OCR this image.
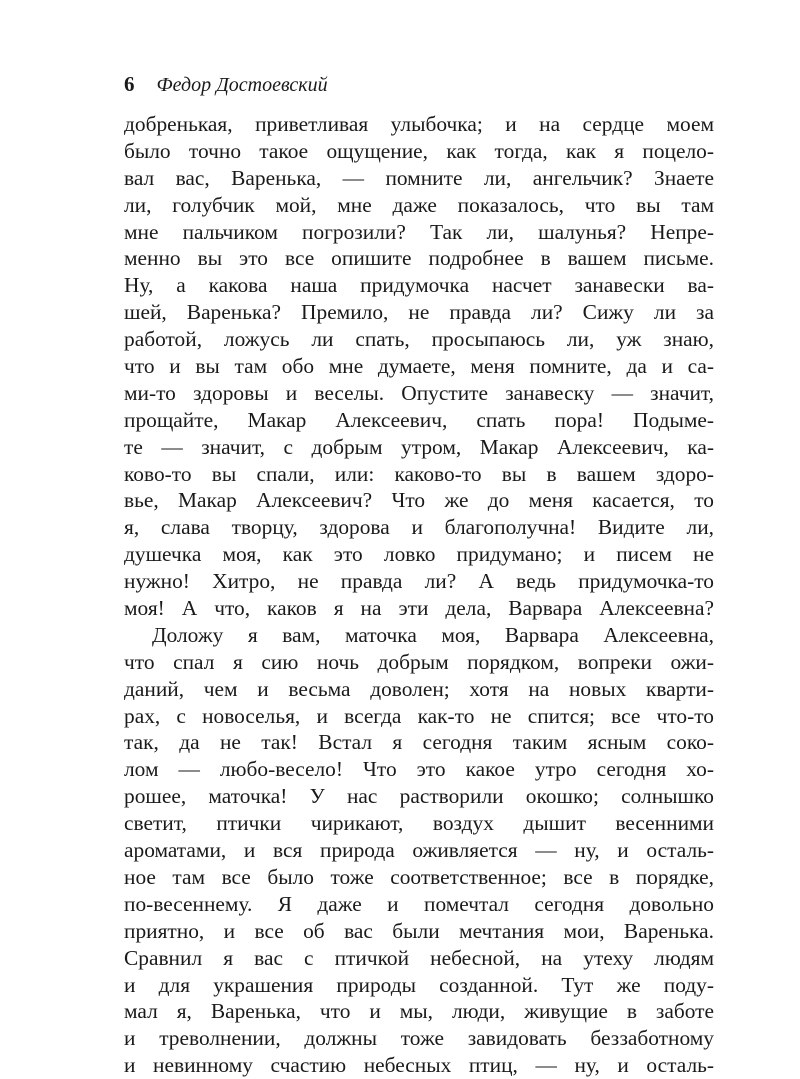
6 Федор Достоевский
добренькая, приветливая улыбочка; и на сердце моем
было точно такое ощущение, как тогда, как я поцело-
вал вас, Варенька, — помните ли, ангельчик? Знаете
ли, голубчик мой, мне даже показалось, что вы там
мне пальчиком погрозили? Так ли, шалунья? Непре-
менно вы это все опишите подробнее в вашем письме.
Ну, а какова наша придумочка насчет занавески ва-
шей, Варенька? Премило, не правда ли? Сижу ли за
работой, ложусь ли спать, просыпаюсь ли, уж знаю,
что и вы там обо мне думаете, меня помните, да и са-
ми-то здоровы и веселы. Опустите занавеску — значит,
прощайте, Макар Алексеевич, спать пора! Подыме-
те — значит, с добрым утром, Макар Алексеевич, ка-
ково-то вы спали, или: каково-то вы в вашем здоро-
вье, Макар Алексеевич? Что же до меня касается, то
я, слава творцу, здорова и благополучна! Видите ли,
душечка моя, как это ловко придумано; и писем не
нужно! Хитро, не правда ли? А ведь придумочка-то
моя! А что, каков я на эти дела, Варвара Алексеевна?
Доложу я вам, маточка моя, Варвара Алексеевна,
что спал я сию ночь добрым порядком, вопреки ожи-
даний, чем и весьма доволен; хотя на новых кварти-
рах, с новоселья, и всегда как-то не спится; все что-то
так, да не так! Встал я сегодня таким ясным соко-
лом — любо-весело! Что это какое утро сегодня хо-
рошее, маточка! У нас растворили окошко; солнышко
светит, птички чирикают, воздух дышит весенними
ароматами, и вся природа оживляется — ну, и осталь-
ное там все было тоже соответственное; все в порядке,
по-весеннему. Я даже и помечтал сегодня довольно
приятно, и все об вас были мечтания мои, Варенька.
Сравнил я вас с птичкой небесной, на утеху людям
и для украшения природы созданной. Тут же поду-
мал я, Варенька, что и мы, люди, живущие в заботе
и треволнении, должны тоже завидовать беззаботному
и невинному счастию небесных птиц, — ну, и осталь-
